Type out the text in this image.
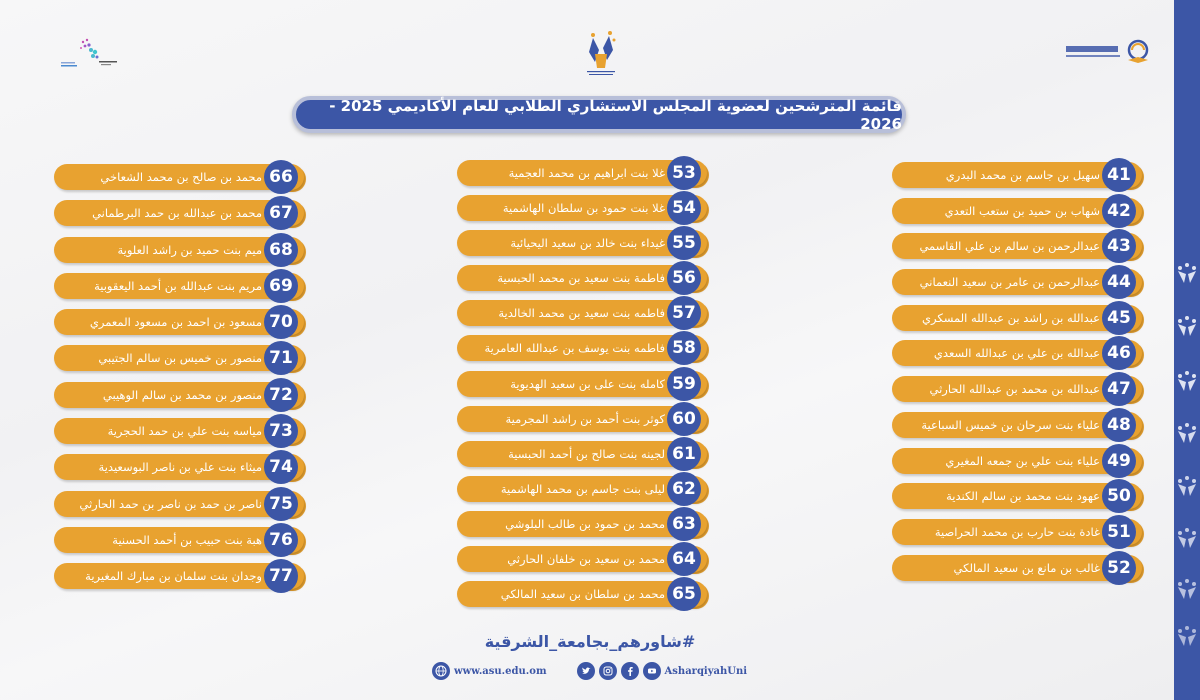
قائمة المترشحين لعضوية المجلس الاستشاري الطلابي للعام الأكاديمي 2025 - 2026
41
سهيل بن جاسم بن محمد البدري
42
شهاب بن حميد بن ستعب التعدي
43
عبدالرحمن بن سالم بن علي القاسمي
44
عبدالرحمن بن عامر بن سعيد النعماني
45
عبدالله بن راشد بن عبدالله المسكري
46
عبدالله بن علي بن عبدالله السعدي
47
عبدالله بن محمد بن عبدالله الحارثي
48
علياء بنت سرحان بن خميس السباعية
49
علياء بنت علي بن جمعه المغيري
50
عهود بنت محمد بن سالم الكندية
51
غادة بنت حارب بن محمد الحراصية
52
غالب بن مانع بن سعيد المالكي
53
غلا بنت ابراهيم بن محمد العجمية
54
غلا بنت حمود بن سلطان الهاشمية
55
غيداء بنت خالد بن سعيد اليحيائية
56
فاطمة بنت سعيد بن محمد الحبسية
57
فاطمه بنت سعيد بن محمد الخالدية
58
فاطمه بنت يوسف بن عبدالله العامرية
59
كامله بنت على بن سعيد الهديوية
60
كوثر بنت أحمد بن راشد المجرمية
61
لجينه بنت صالح بن أحمد الحبسية
62
ليلى بنت جاسم بن محمد الهاشمية
63
محمد بن حمود بن طالب البلوشي
64
محمد بن سعيد بن خلفان الحارثي
65
محمد بن سلطان بن سعيد المالكي
66
محمد بن صالح بن محمد الشعاخي
67
محمد بن عبدالله بن حمد البرطماني
68
ميم بنت حميد بن راشد العلوية
69
مريم بنت عبدالله بن أحمد اليعقوبية
70
مسعود بن احمد بن مسعود المعمري
71
منصور بن خميس بن سالم الجتيبي
72
منصور بن محمد بن سالم الوهيبي
73
مياسه بنت علي بن حمد الحجرية
74
ميثاء بنت علي بن ناصر البوسعيدية
75
ناصر بن حمد بن ناصر بن حمد الحارثي
76
هبة بنت حبيب بن أحمد الحسنية
77
وجدان بنت سلمان بن مبارك المغيرية
#شاورهم_بجامعة_الشرقية
www.asu.edu.om	AsharqiyahUni
